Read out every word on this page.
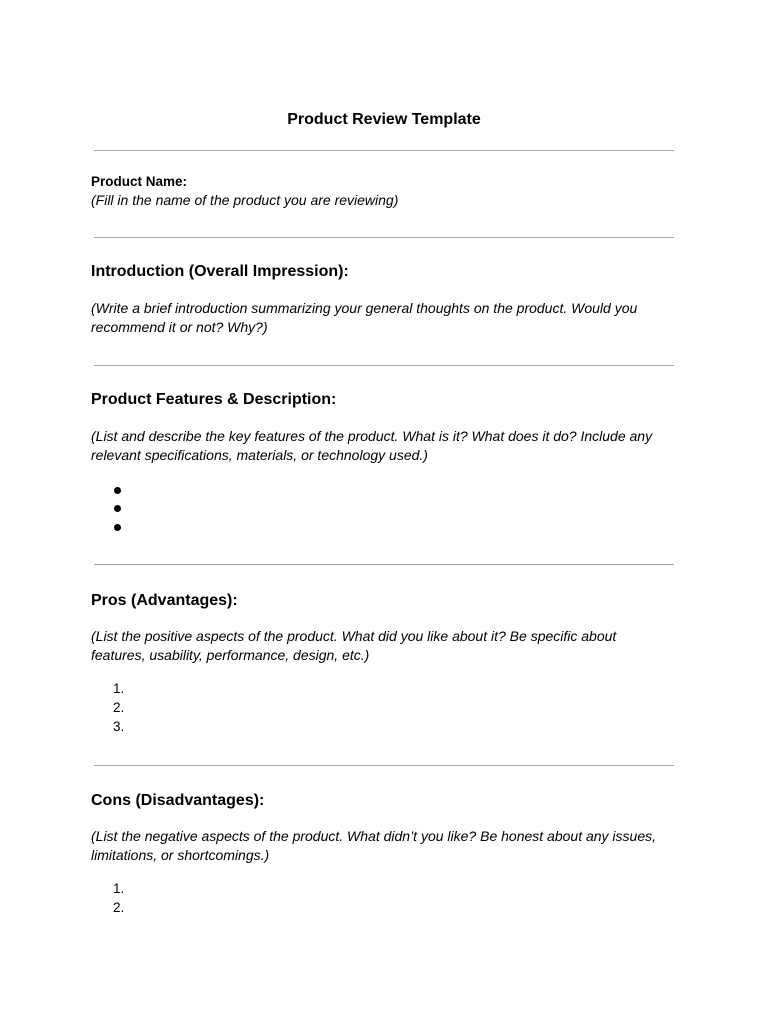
Product Review Template
Product Name:
(Fill in the name of the product you are reviewing)
Introduction (Overall Impression):
(Write a brief introduction summarizing your general thoughts on the product. Would you recommend it or not? Why?)
Product Features & Description:
(List and describe the key features of the product. What is it? What does it do? Include any relevant specifications, materials, or technology used.)
Pros (Advantages):
(List the positive aspects of the product. What did you like about it? Be specific about features, usability, performance, design, etc.)
1.
2.
3.
Cons (Disadvantages):
(List the negative aspects of the product. What didn’t you like? Be honest about any issues, limitations, or shortcomings.)
1.
2.
